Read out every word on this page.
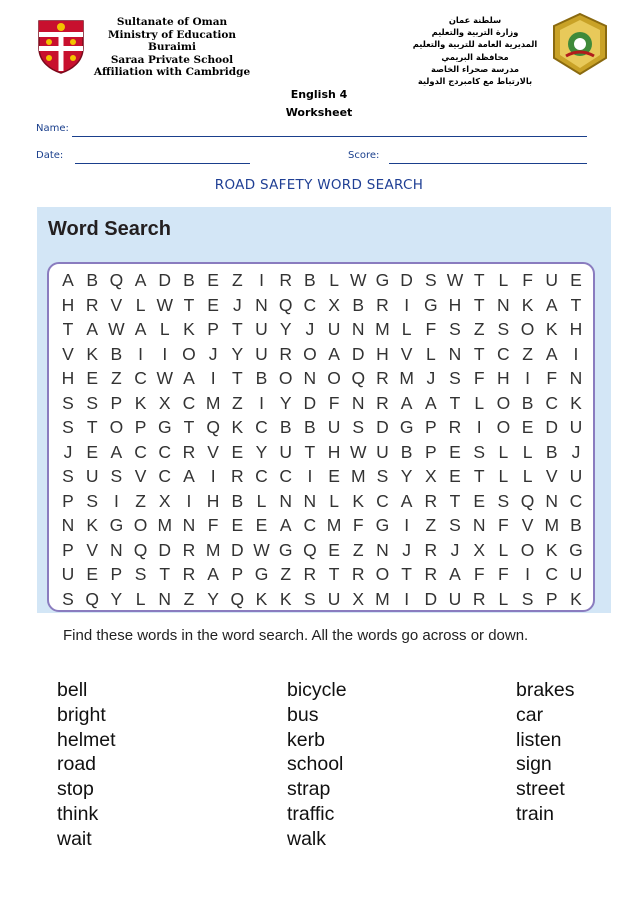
Sultanate of Oman
Ministry of Education
Buraimi
Saraa Private School
Affiliation with Cambridge
سلطنة عمان
وزارة التربية والتعليم
المديرية العامة للتربية والتعليم
محافظة البريمي
مدرسة صحراء الخاصة
بالارتباط مع كامبردج الدولية
English 4
Worksheet
Name:
Date:	Score:
ROAD SAFETY WORD SEARCH
Word Search
A B Q A D B E Z I R B L W G D S W T L F U E
H R V L W T E J N Q C X B R I G H T N K A T
T A W A L K P T U Y J U N M L F S Z S O K H
V K B I	I O J Y U R O A D H V L N T C Z A I
H E Z C W A I T B O N O Q R M J S F H I F N
S S P K X C M Z I Y D F N R A A T L O B C K
S T O P G T Q K C B B U S D G P R I O E D U
J E A C C R V E Y U T H W U B P E S L L B J
S U S V C A I R C C I E M S Y X E T L L V U
P S I Z X I H B L N N L K C A R T E S Q N C
N K G O M N F E E A C M F G I Z S N F V M B
P V N Q D R M D W G Q E Z N J R J X L O K G
U E P S T R A P G Z R T R O T R A F F I C U
S Q Y L N Z Y Q K K S U X M I D U R L S P K
Find these words in the word search. All the words go across or down.
bell
bright
helmet
road
stop
think
wait
bicycle
bus
kerb
school
strap
traffic
walk
brakes
car
listen
sign
street
train
